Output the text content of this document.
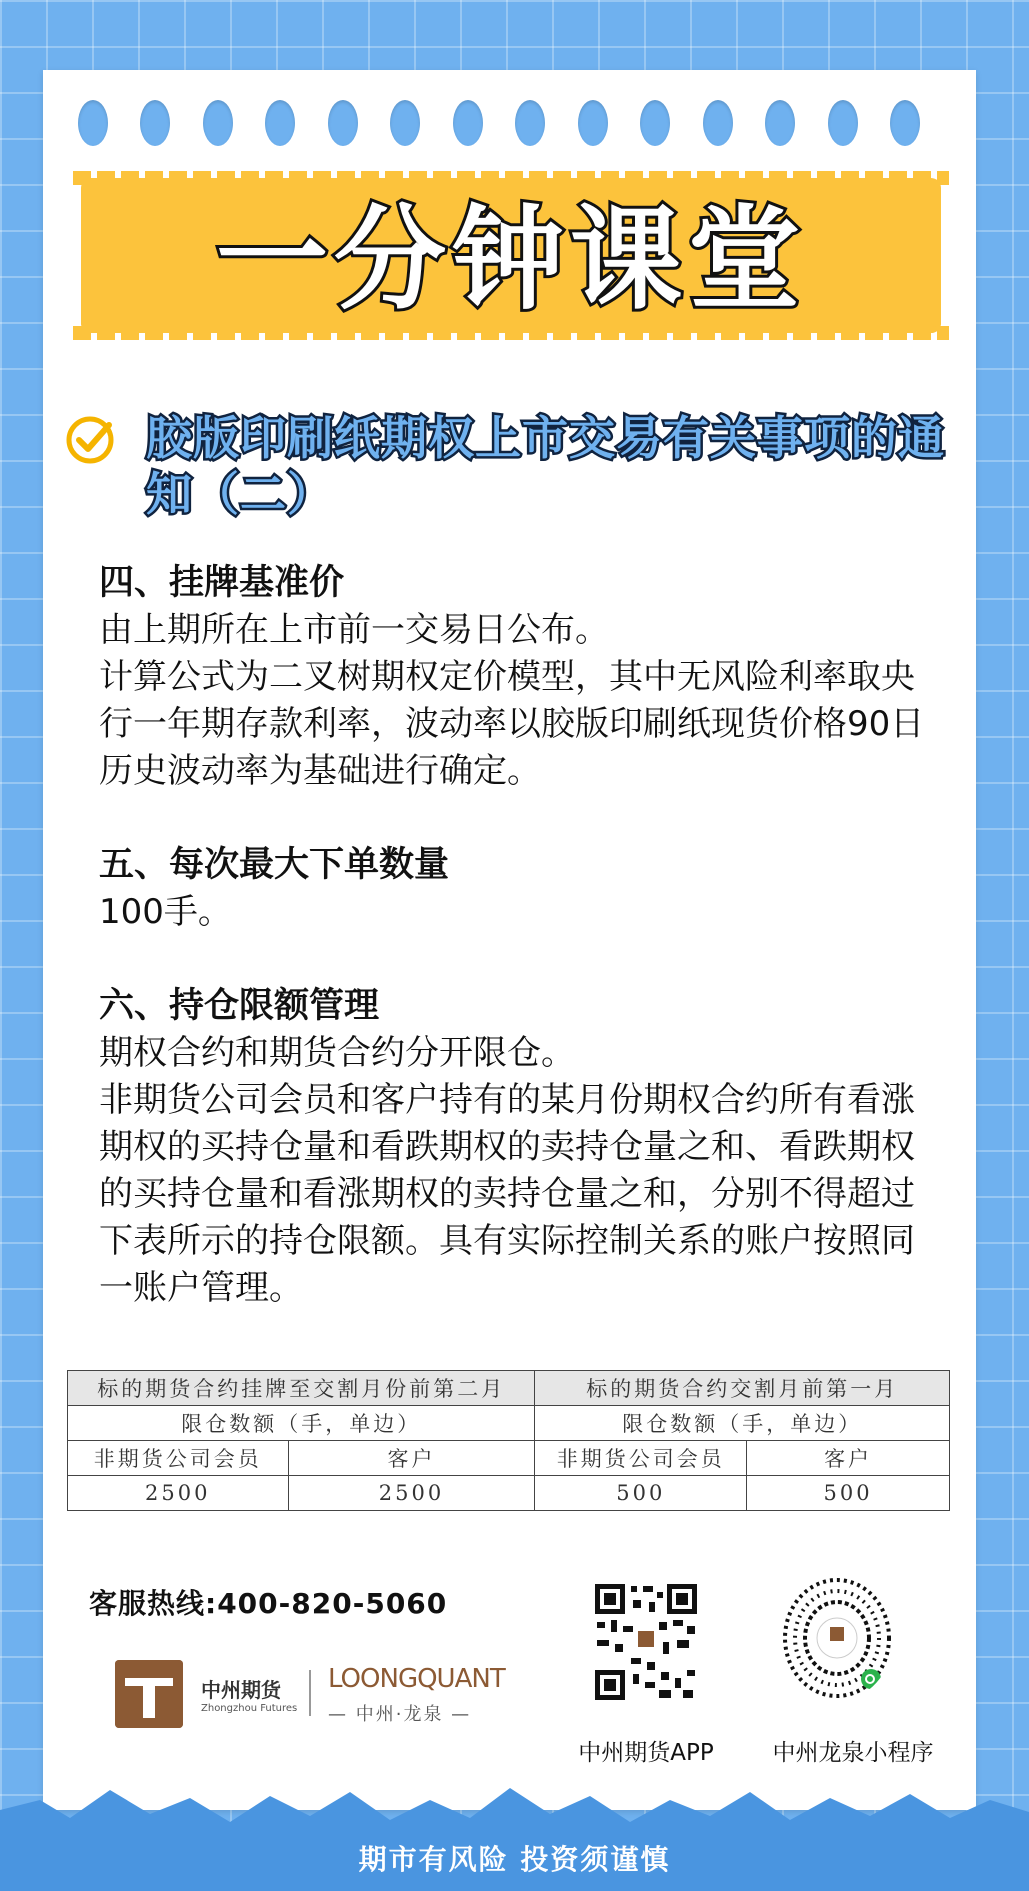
一分钟课堂
胶版印刷纸期权上市交易有关事项的通知（二）
四、挂牌基准价

由上期所在上市前一交易日公布。

计算公式为二叉树期权定价模型，其中无风险利率取央行一年期存款利率，波动率以胶版印刷纸现货价格90日历史波动率为基础进行确定。

五、每次最大下单数量

100手。

六、持仓限额管理

期权合约和期货合约分开限仓。

非期货公司会员和客户持有的某月份期权合约所有看涨期权的买持仓量和看跌期权的卖持仓量之和、看跌期权的买持仓量和看涨期权的卖持仓量之和，分别不得超过下表所示的持仓限额。具有实际控制关系的账户按照同一账户管理。

标的期货合约挂牌至交割月份前第二月		标的期货合约交割月前第一月	
限仓数额（手，单边）		限仓数额（手，单边）	
非期货公司会员	客户	非期货公司会员	客户
2500	2500	500	500
客服热线:400-820-5060
中州期货
Zhongzhou Futures
LOONGQUANT
— 中州·龙泉 —
中州期货APP	中州龙泉小程序
期市有风险 投资须谨慎
